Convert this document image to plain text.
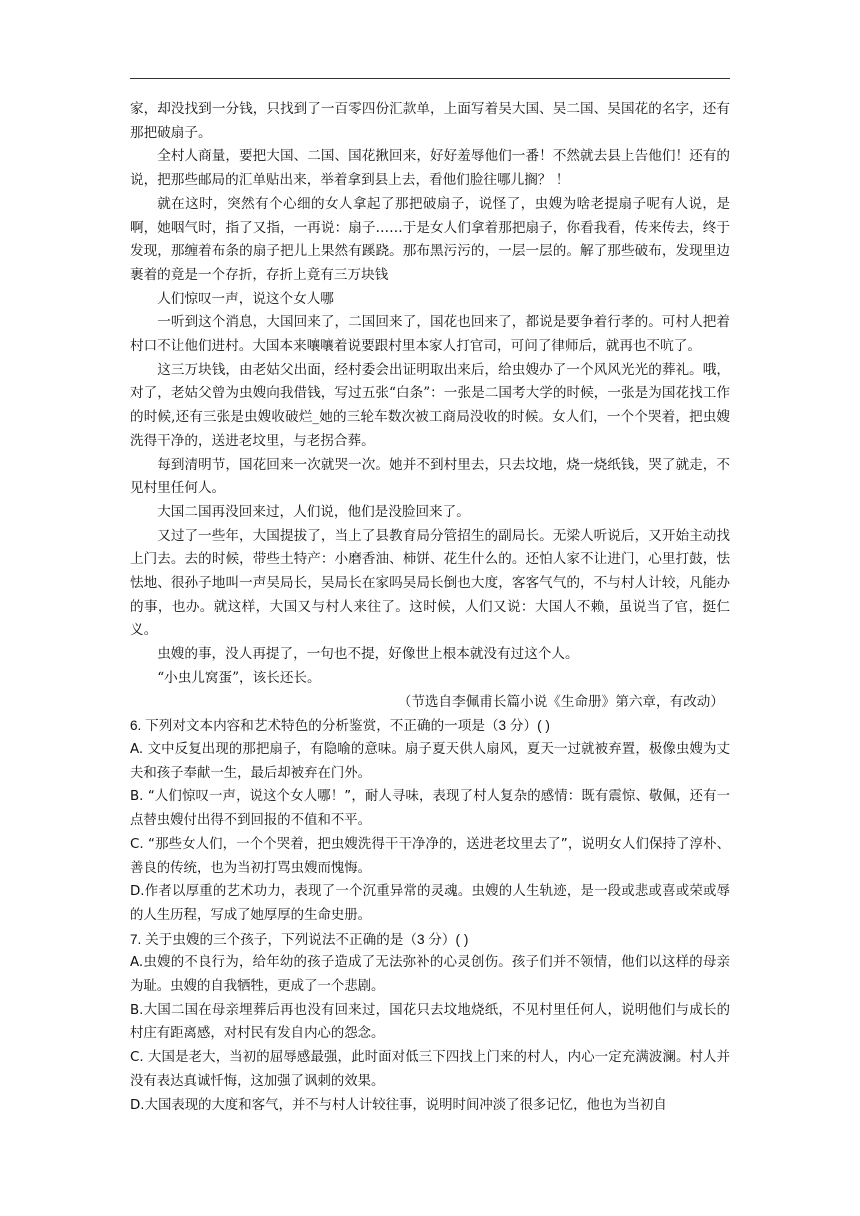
家，却没找到一分钱，只找到了一百零四份汇款单，上面写着吴大国、吴二国、吴国花的名字，还有那把破扇子。

全村人商量，要把大国、二国、国花揪回来，好好羞辱他们一番！不然就去县上告他们！还有的说，把那些邮局的汇单贴出来，举着拿到县上去，看他们脸往哪儿搁？ ！

就在这时，突然有个心细的女人拿起了那把破扇子，说怪了，虫嫂为啥老提扇子呢有人说，是啊，她咽气时，指了又指，一再说：扇子……于是女人们拿着那把扇子，你看我看，传来传去，终于发现，那缠着布条的扇子把儿上果然有蹊跷。那布黑污污的，一层一层的。解了那些破布，发现里边裹着的竟是一个存折，存折上竟有三万块钱

人们惊叹一声，说这个女人哪

一听到这个消息，大国回来了，二国回来了，国花也回来了，都说是要争着行孝的。可村人把着村口不让他们进村。大国本来嚷嚷着说要跟村里本家人打官司，可问了律师后，就再也不吭了。

这三万块钱，由老姑父出面，经村委会出证明取出来后，给虫嫂办了一个风风光光的葬礼。哦，对了，老姑父曾为虫嫂向我借钱，写过五张“白条”：一张是二国考大学的时候，一张是为国花找工作的时候,还有三张是虫嫂收破烂_她的三轮车数次被工商局没收的时候。女人们，一个个哭着，把虫嫂洗得干净的，送进老坟里，与老拐合葬。

每到清明节，国花回来一次就哭一次。她并不到村里去，只去坟地，烧一烧纸钱，哭了就走，不见村里任何人。

大国二国再没回来过，人们说，他们是没脸回来了。

又过了一些年，大国提拔了，当上了县教育局分管招生的副局长。无梁人听说后，又开始主动找上门去。去的时候，带些土特产：小磨香油、柿饼、花生什么的。还怕人家不让进门，心里打鼓，怯怯地、很孙子地叫一声吴局长，吴局长在家吗吴局长倒也大度，客客气气的，不与村人计较，凡能办的事，也办。就这样，大国又与村人来往了。这时候，人们又说：大国人不赖，虽说当了官，挺仁义。

虫嫂的事，没人再提了，一句也不提，好像世上根本就没有过这个人。

“小虫儿窝蛋”，该长还长。

（节选自李佩甫长篇小说《生命册》第六章，有改动）

6. 下列对文本内容和艺术特色的分析鉴赏，不正确的一项是（3 分）( )

A. 文中反复出现的那把扇子，有隐喻的意味。扇子夏天供人扇风，夏天一过就被弃置，极像虫嫂为丈夫和孩子奉献一生，最后却被弃在门外。

B. “人们惊叹一声，说这个女人哪！”，耐人寻味，表现了村人复杂的感情：既有震惊、敬佩，还有一点替虫嫂付出得不到回报的不值和不平。

C. “那些女人们，一个个哭着，把虫嫂洗得干干净净的，送进老坟里去了”，说明女人们保持了淳朴、善良的传统，也为当初打骂虫嫂而愧悔。

D.作者以厚重的艺术功力，表现了一个沉重异常的灵魂。虫嫂的人生轨迹，是一段或悲或喜或荣或辱的人生历程，写成了她厚厚的生命史册。

7. 关于虫嫂的三个孩子，下列说法不正确的是（3 分）( )

A.虫嫂的不良行为，给年幼的孩子造成了无法弥补的心灵创伤。孩子们并不领情，他们以这样的母亲为耻。虫嫂的自我牺牲，更成了一个悲剧。

B.大国二国在母亲埋葬后再也没有回来过，国花只去坟地烧纸，不见村里任何人，说明他们与成长的村庄有距离感，对村民有发自内心的怨念。

C. 大国是老大，当初的屈辱感最强，此时面对低三下四找上门来的村人，内心一定充满波澜。村人并没有表达真诚忏悔，这加强了讽刺的效果。

D.大国表现的大度和客气，并不与村人计较往事，说明时间冲淡了很多记忆，他也为当初自
